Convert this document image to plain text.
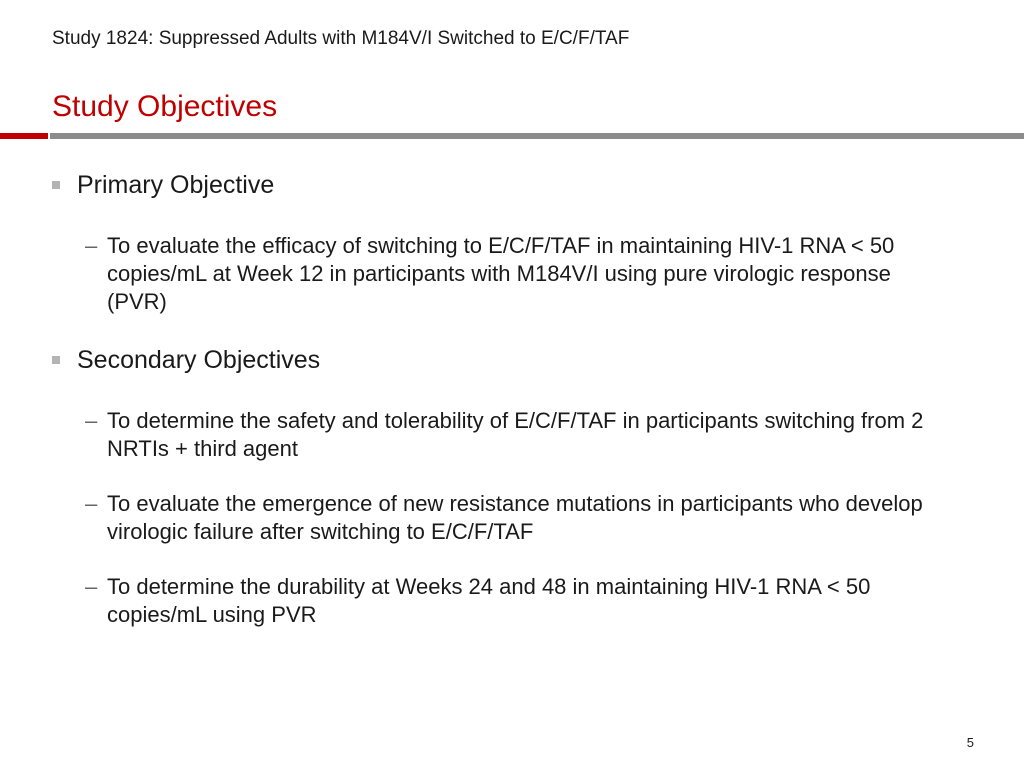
Study 1824: Suppressed Adults with M184V/I Switched to E/C/F/TAF
Study Objectives
Primary Objective
– To evaluate the efficacy of switching to E/C/F/TAF in maintaining HIV-1 RNA < 50 copies/mL at Week 12 in participants with M184V/I using pure virologic response (PVR)
Secondary Objectives
– To determine the safety and tolerability of E/C/F/TAF in participants switching from 2 NRTIs + third agent
– To evaluate the emergence of new resistance mutations in participants who develop virologic failure after switching to E/C/F/TAF
– To determine the durability at Weeks 24 and 48 in maintaining HIV-1 RNA < 50 copies/mL using PVR
5
